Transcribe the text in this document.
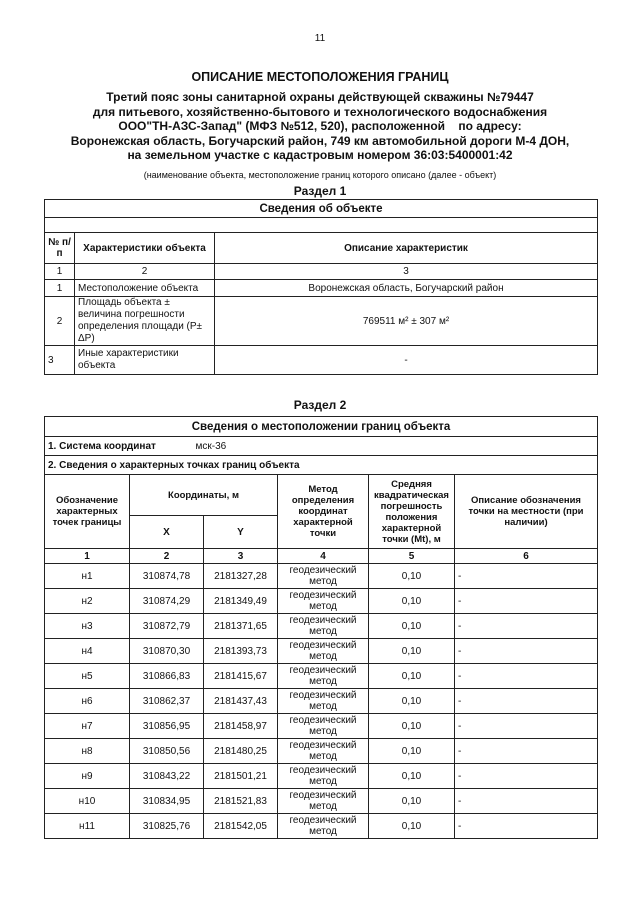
11
ОПИСАНИЕ МЕСТОПОЛОЖЕНИЯ ГРАНИЦ
Третий пояс зоны санитарной охраны действующей скважины №79447
для питьевого, хозяйственно-бытового и технологического водоснабжения
ООО"ТН-АЗС-Запад" (МФЗ №512, 520), расположенной    по адресу:
Воронежская область, Богучарский район, 749 км автомобильной дороги М-4 ДОН,
на земельном участке с кадастровым номером 36:03:5400001:42
(наименование объекта, местоположение границ которого описано (далее - объект)
Раздел 1
Сведения об объекте		

№ п/п	Характеристики объекта	Описание характеристик
1	2	3
1	Местоположение объекта	Воронежская область, Богучарский район
2	Площадь объекта ± величина погрешности определения площади (P± ΔP)	769511 м² ± 307 м²
3	Иные характеристики объекта	-
Раздел 2
Сведения о местоположении границ объекта					
1. Система координат мск-36					
2. Сведения о характерных точках границ объекта					
Обозначение характерных точек границы	Координаты, м		Метод определения координат характерной точки	Средняя квадратическая погрешность положения характерной точки (Mt), м	Описание обозначения точки на местности (при наличии)
	X	Y			
1	2	3	4	5	6
н1	310874,78	2181327,28	геодезический метод	0,10	-
н2	310874,29	2181349,49	геодезический метод	0,10	-
н3	310872,79	2181371,65	геодезический метод	0,10	-
н4	310870,30	2181393,73	геодезический метод	0,10	-
н5	310866,83	2181415,67	геодезический метод	0,10	-
н6	310862,37	2181437,43	геодезический метод	0,10	-
н7	310856,95	2181458,97	геодезический метод	0,10	-
н8	310850,56	2181480,25	геодезический метод	0,10	-
н9	310843,22	2181501,21	геодезический метод	0,10	-
н10	310834,95	2181521,83	геодезический метод	0,10	-
н11	310825,76	2181542,05	геодезический метод	0,10	-
